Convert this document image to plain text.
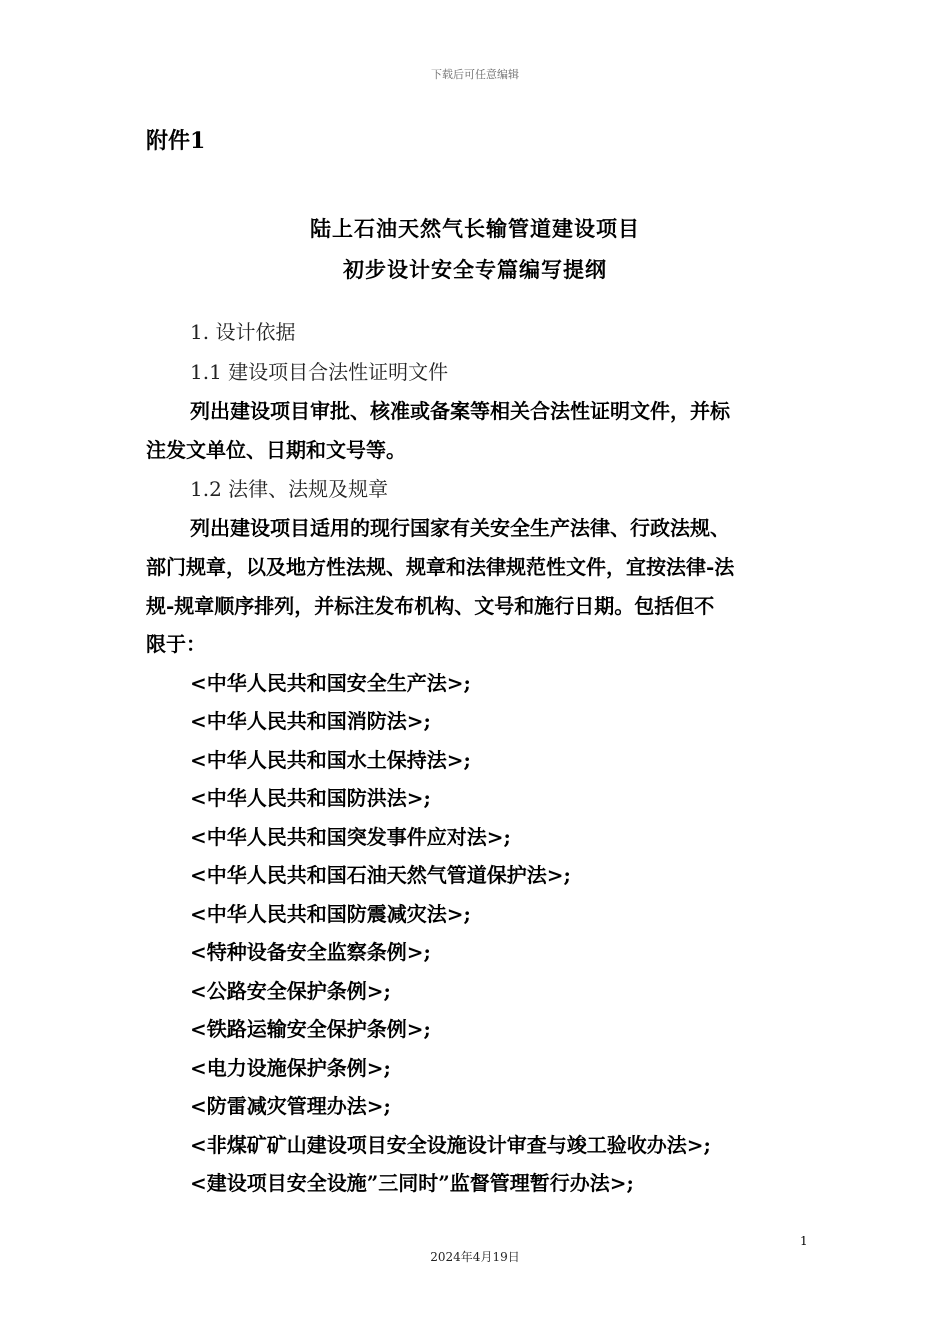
下载后可任意编辑
附件1
陆上石油天然气长输管道建设项目
初步设计安全专篇编写提纲
1. 设计依据
1.1 建设项目合法性证明文件
列出建设项目审批、核准或备案等相关合法性证明文件，并标
注发文单位、日期和文号等。
1.2 法律、法规及规章
列出建设项目适用的现行国家有关安全生产法律、行政法规、
部门规章，以及地方性法规、规章和法律规范性文件，宜按法律-法
规-规章顺序排列，并标注发布机构、文号和施行日期。包括但不
限于：
<中华人民共和国安全生产法>;
<中华人民共和国消防法>;
<中华人民共和国水土保持法>;
<中华人民共和国防洪法>;
<中华人民共和国突发事件应对法>;
<中华人民共和国石油天然气管道保护法>;
<中华人民共和国防震减灾法>;
<特种设备安全监察条例>;
<公路安全保护条例>;
<铁路运输安全保护条例>;
<电力设施保护条例>;
<防雷减灾管理办法>;
<非煤矿矿山建设项目安全设施设计审查与竣工验收办法>;
<建设项目安全设施”三同时”监督管理暂行办法>;
1
2024年4月19日
